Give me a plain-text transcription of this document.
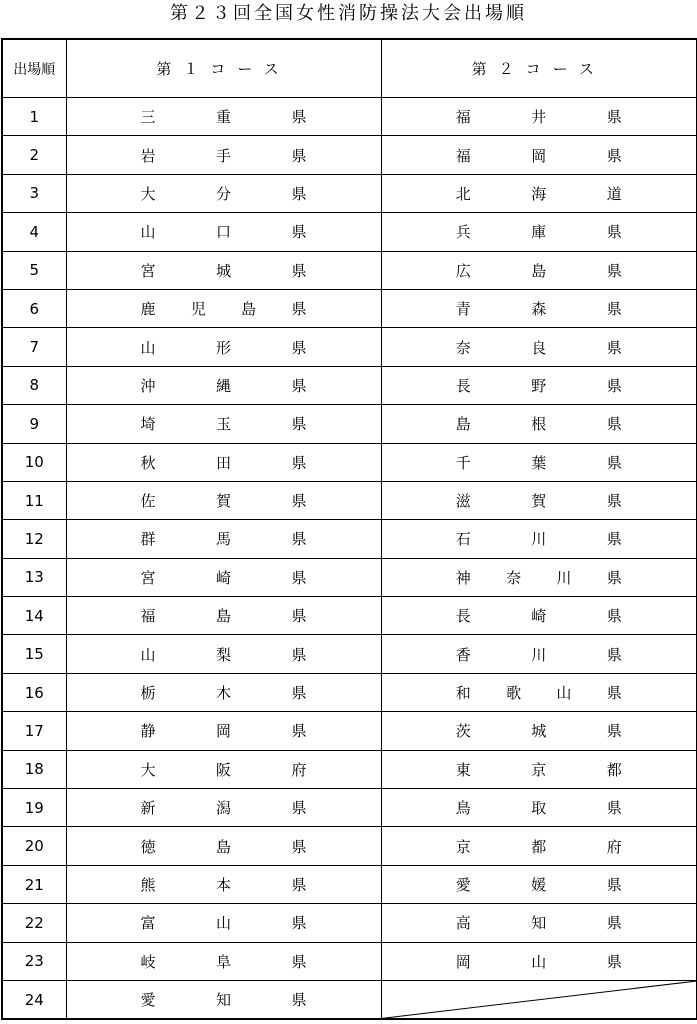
第２３回全国女性消防操法大会出場順
出場順	第１コース	第２コース
1	三 重 県	福 井 県

2	岩 手 県	福 岡 県

3	大 分 県	北 海 道

4	山 口 県	兵 庫 県

5	宮 城 県	広 島 県

6	鹿 児 島 県	青 森 県

7	山 形 県	奈 良 県

8	沖 縄 県	長 野 県

9	埼 玉 県	島 根 県

10	秋 田 県	千 葉 県

11	佐 賀 県	滋 賀 県

12	群 馬 県	石 川 県

13	宮 崎 県	神 奈 川 県

14	福 島 県	長 崎 県

15	山 梨 県	香 川 県

16	栃 木 県	和 歌 山 県

17	静 岡 県	茨 城 県

18	大 阪 府	東 京 都

19	新 潟 県	鳥 取 県

20	徳 島 県	京 都 府

21	熊 本 県	愛 媛 県

22	富 山 県	高 知 県

23	岐 阜 県	岡 山 県

24	愛 知 県
